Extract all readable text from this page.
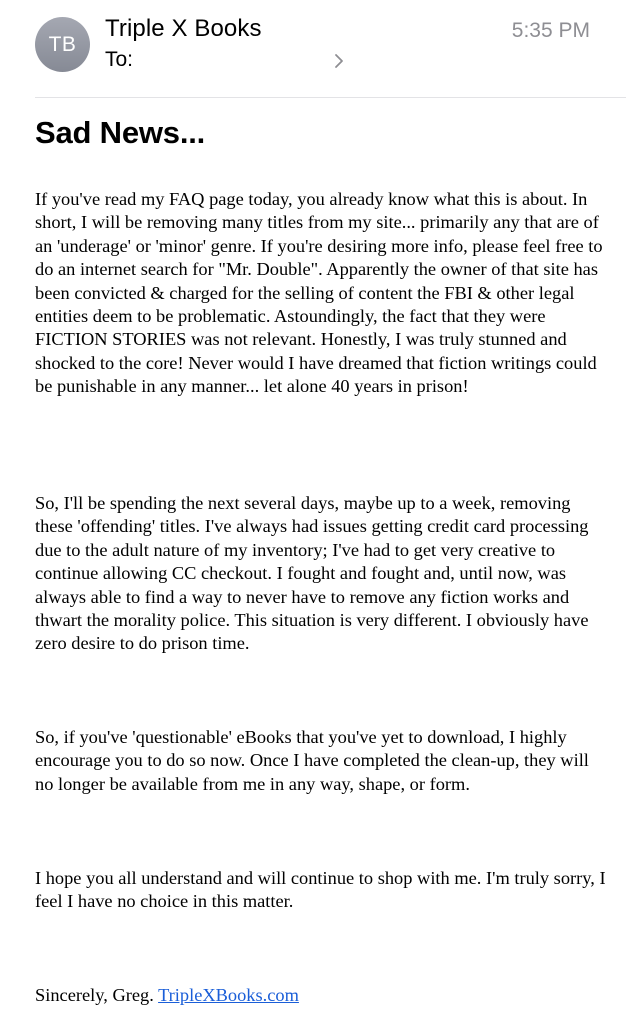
TB
Triple X Books	5:35 PM
To:
Sad News...

If you've read my FAQ page today, you already know what this is about. In short, I will be removing many titles from my site... primarily any that are of an 'underage' or 'minor' genre. If you're desiring more info, please feel free to do an internet search for "Mr. Double". Apparently the owner of that site has been convicted & charged for the selling of content the FBI & other legal entities deem to be problematic. Astoundingly, the fact that they were FICTION STORIES was not relevant. Honestly, I was truly stunned and shocked to the core! Never would I have dreamed that fiction writings could be punishable in any manner... let alone 40 years in prison!

So, I'll be spending the next several days, maybe up to a week, removing these 'offending' titles. I've always had issues getting credit card processing due to the adult nature of my inventory; I've had to get very creative to continue allowing CC checkout. I fought and fought and, until now, was always able to find a way to never have to remove any fiction works and thwart the morality police. This situation is very different. I obviously have zero desire to do prison time.

So, if you've 'questionable' eBooks that you've yet to download, I highly encourage you to do so now. Once I have completed the clean-up, they will no longer be available from me in any way, shape, or form.

I hope you all understand and will continue to shop with me. I'm truly sorry, I feel I have no choice in this matter.

Sincerely, Greg. TripleXBooks.com
